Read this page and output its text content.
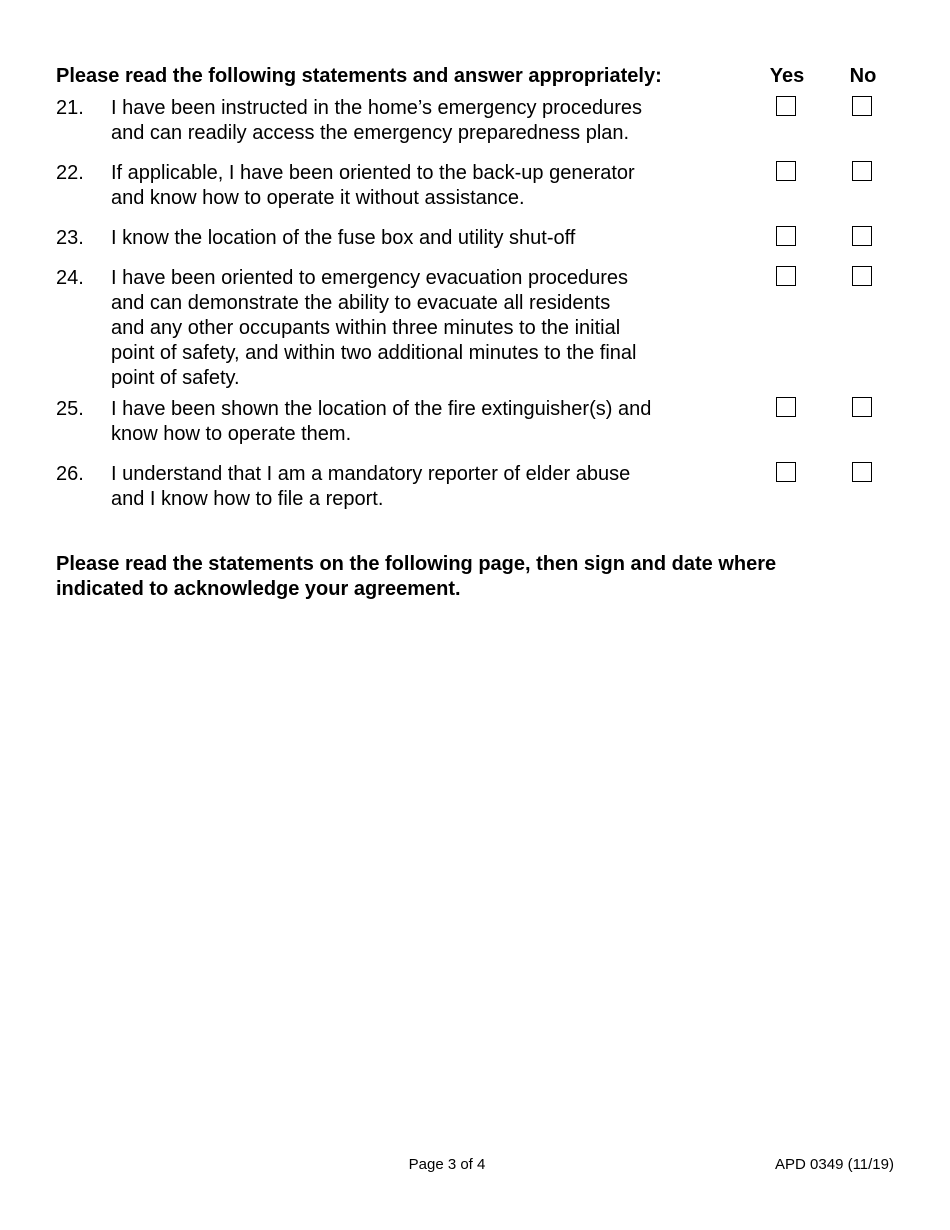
Please read the following statements and answer appropriately:	Yes No
21.	I have been instructed in the home’s emergency procedures
and can readily access the emergency preparedness plan.
22.	If applicable, I have been oriented to the back-up generator
and know how to operate it without assistance.
23.	I know the location of the fuse box and utility shut-off
24.	I have been oriented to emergency evacuation procedures
and can demonstrate the ability to evacuate all residents
and any other occupants within three minutes to the initial
point of safety, and within two additional minutes to the final
point of safety.
25.	I have been shown the location of the fire extinguisher(s) and
know how to operate them.
26.	I understand that I am a mandatory reporter of elder abuse
and I know how to file a report.
Please read the statements on the following page, then sign and date where
indicated to acknowledge your agreement.
Page 3 of 4	APD 0349 (11/19)
